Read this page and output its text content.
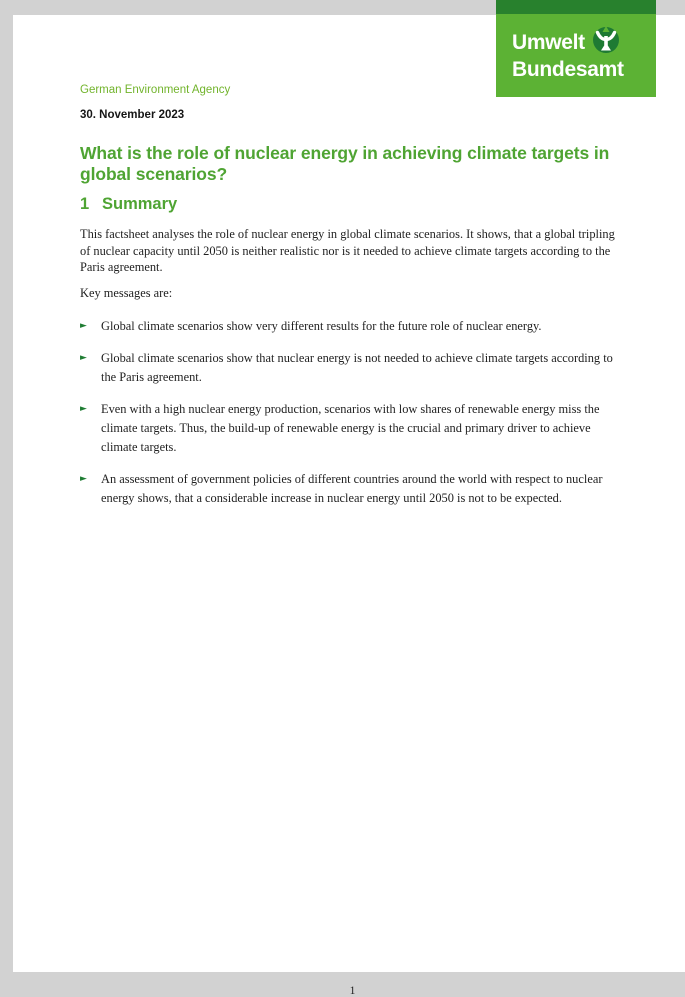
German Environment Agency
30. November 2023
What is the role of nuclear energy in achieving climate targets in global scenarios?
1 Summary

This factsheet analyses the role of nuclear energy in global climate scenarios. It shows, that a global tripling of nuclear capacity until 2050 is neither realistic nor is it needed to achieve climate targets according to the Paris agreement.

Key messages are:

► Global climate scenarios show very different results for the future role of nuclear energy.
► Global climate scenarios show that nuclear energy is not needed to achieve climate targets according to the Paris agreement.
► Even with a high nuclear energy production, scenarios with low shares of renewable energy miss the climate targets. Thus, the build-up of renewable energy is the crucial and primary driver to achieve climate targets.
► An assessment of government policies of different countries around the world with respect to nuclear energy shows, that a considerable increase in nuclear energy until 2050 is not to be expected.
1
Umwelt
Bundesamt
